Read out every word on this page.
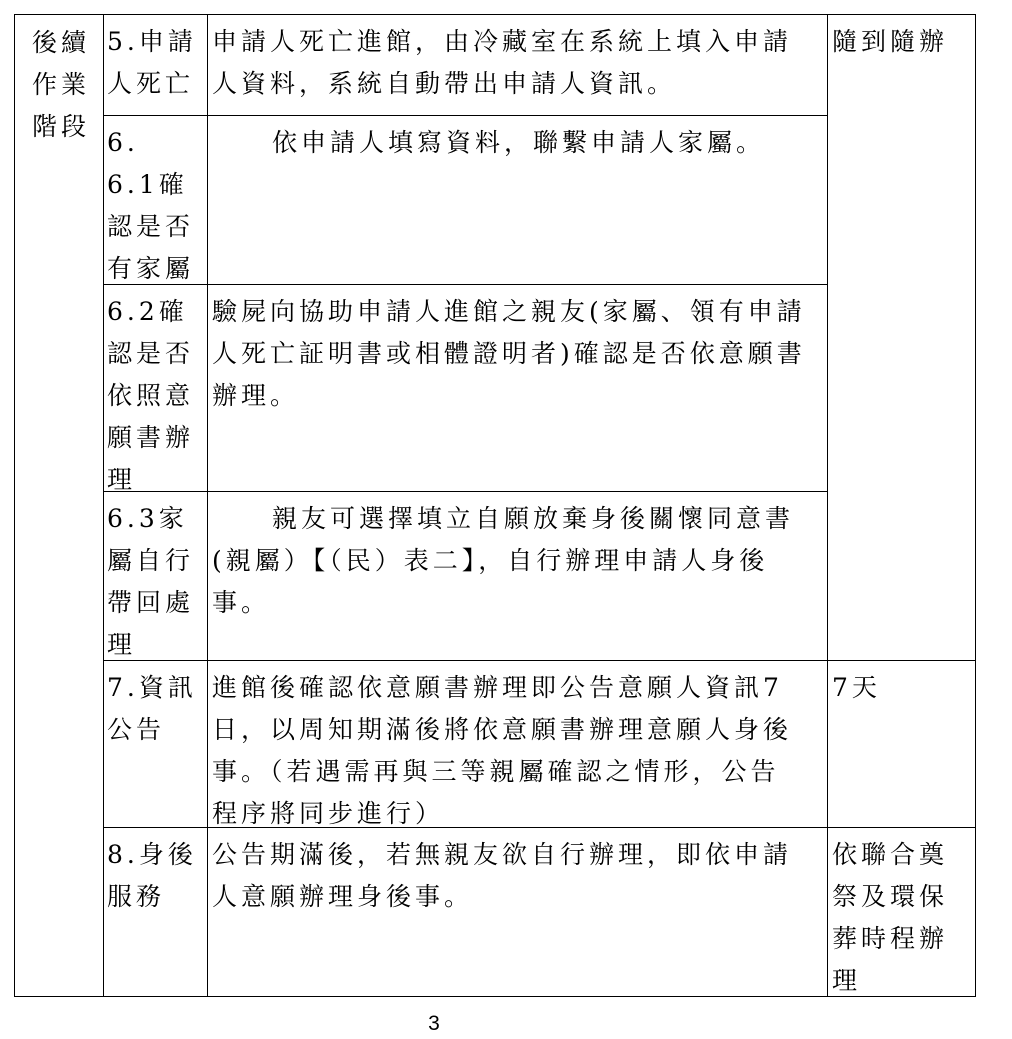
後續
作業
階段
5.申請
人死亡
申請人死亡進館，由冷藏室在系統上填入申請
人資料，系統自動帶出申請人資訊。
隨到隨辦
6.
6.1確
認是否
有家屬
依申請人填寫資料，聯繫申請人家屬。
6.2確
認是否
依照意
願書辦
理
驗屍向協助申請人進館之親友(家屬、領有申請
人死亡証明書或相體證明者)確認是否依意願書
辦理。
6.3家
屬自行
帶回處
理
親友可選擇填立自願放棄身後關懷同意書
(親屬）【（民）表二】，自行辦理申請人身後
事。
7.資訊
公告
進館後確認依意願書辦理即公告意願人資訊7
日，以周知期滿後將依意願書辦理意願人身後
事。（若遇需再與三等親屬確認之情形，公告
程序將同步進行）
7天
8.身後
服務
公告期滿後，若無親友欲自行辦理，即依申請
人意願辦理身後事。
依聯合奠
祭及環保
葬時程辦
理
3
